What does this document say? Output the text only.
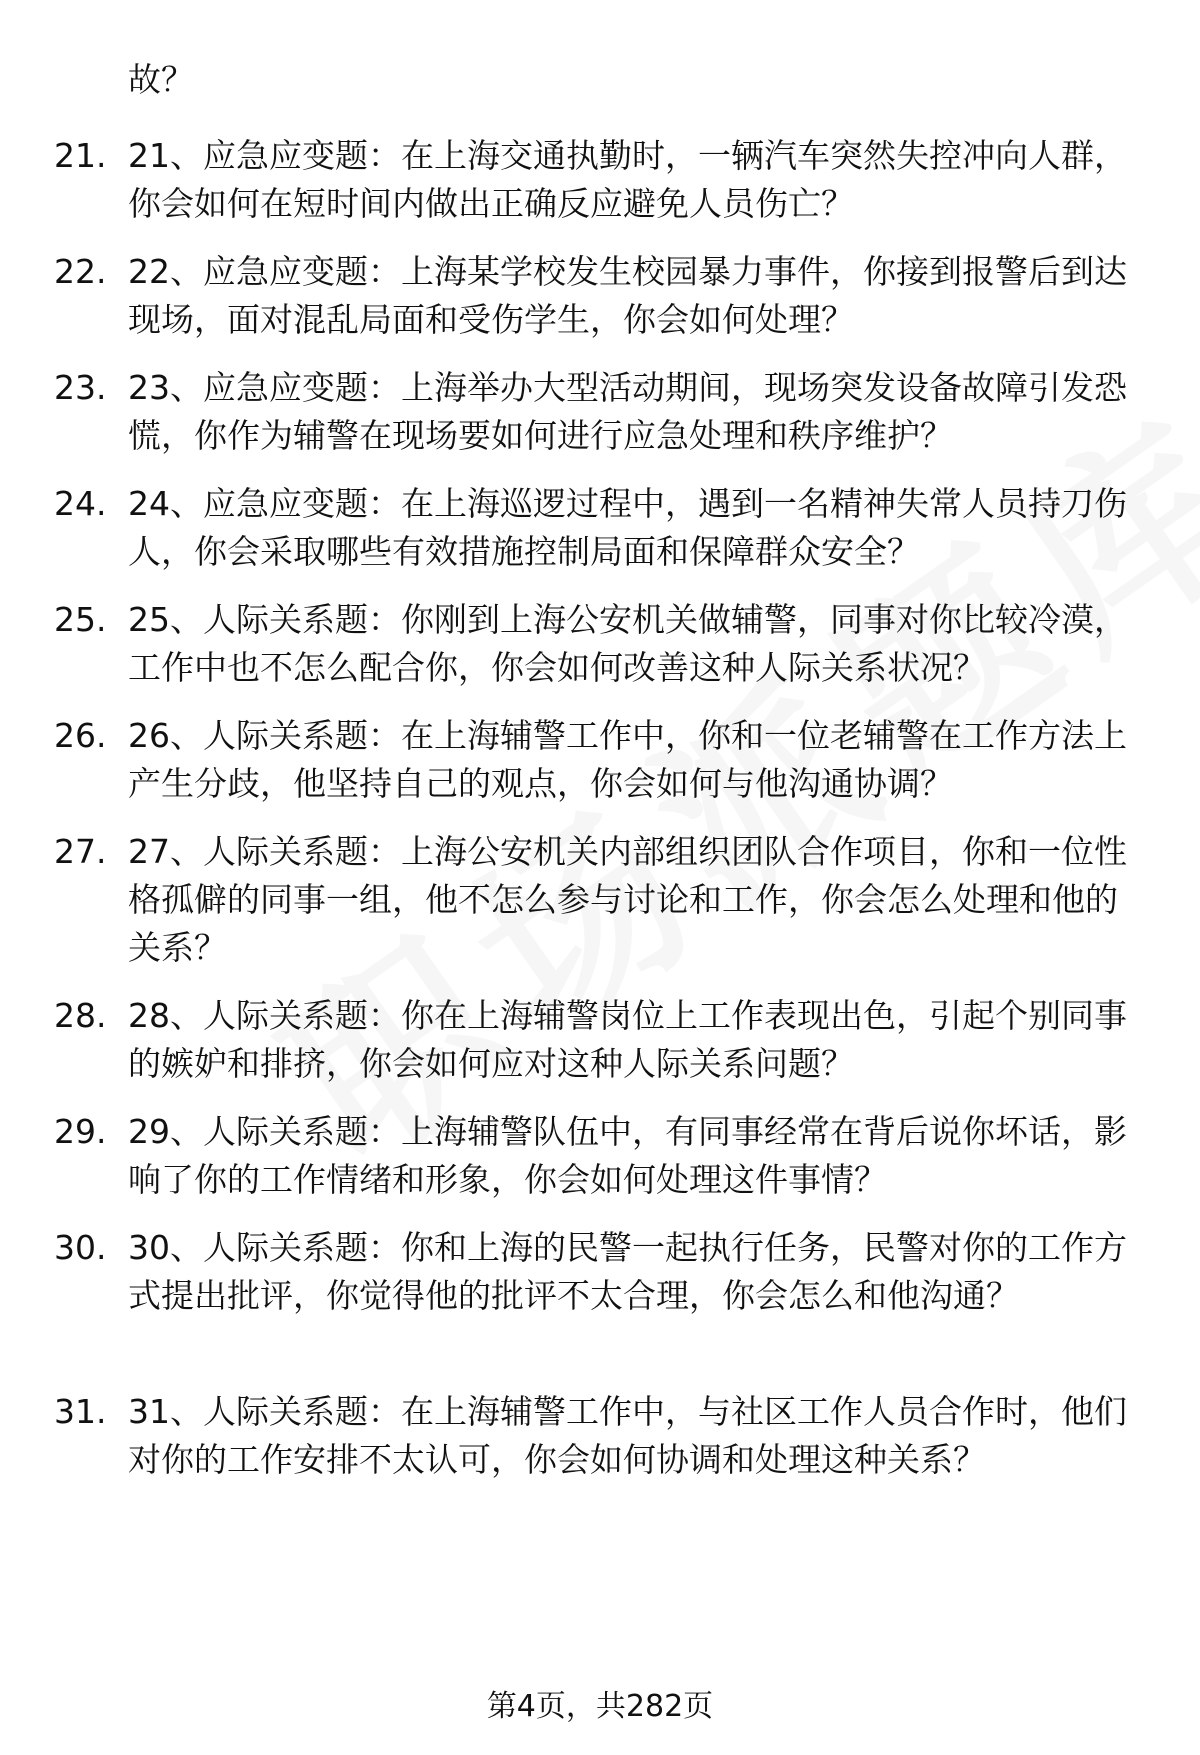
故？
21. 21、应急应变题：在上海交通执勤时，一辆汽车突然失控冲向人群，你会如何在短时间内做出正确反应避免人员伤亡？
22. 22、应急应变题：上海某学校发生校园暴力事件，你接到报警后到达现场，面对混乱局面和受伤学生，你会如何处理？
23. 23、应急应变题：上海举办大型活动期间，现场突发设备故障引发恐慌，你作为辅警在现场要如何进行应急处理和秩序维护？
24. 24、应急应变题：在上海巡逻过程中，遇到一名精神失常人员持刀伤人，你会采取哪些有效措施控制局面和保障群众安全？
25. 25、人际关系题：你刚到上海公安机关做辅警，同事对你比较冷漠，工作中也不怎么配合你，你会如何改善这种人际关系状况？
26. 26、人际关系题：在上海辅警工作中，你和一位老辅警在工作方法上产生分歧，他坚持自己的观点，你会如何与他沟通协调？
27. 27、人际关系题：上海公安机关内部组织团队合作项目，你和一位性格孤僻的同事一组，他不怎么参与讨论和工作，你会怎么处理和他的关系？
28. 28、人际关系题：你在上海辅警岗位上工作表现出色，引起个别同事的嫉妒和排挤，你会如何应对这种人际关系问题？
29. 29、人际关系题：上海辅警队伍中，有同事经常在背后说你坏话，影响了你的工作情绪和形象，你会如何处理这件事情？
30. 30、人际关系题：你和上海的民警一起执行任务，民警对你的工作方式提出批评，你觉得他的批评不太合理，你会怎么和他沟通？
31. 31、人际关系题：在上海辅警工作中，与社区工作人员合作时，他们对你的工作安排不太认可，你会如何协调和处理这种关系？
第4页，共282页
